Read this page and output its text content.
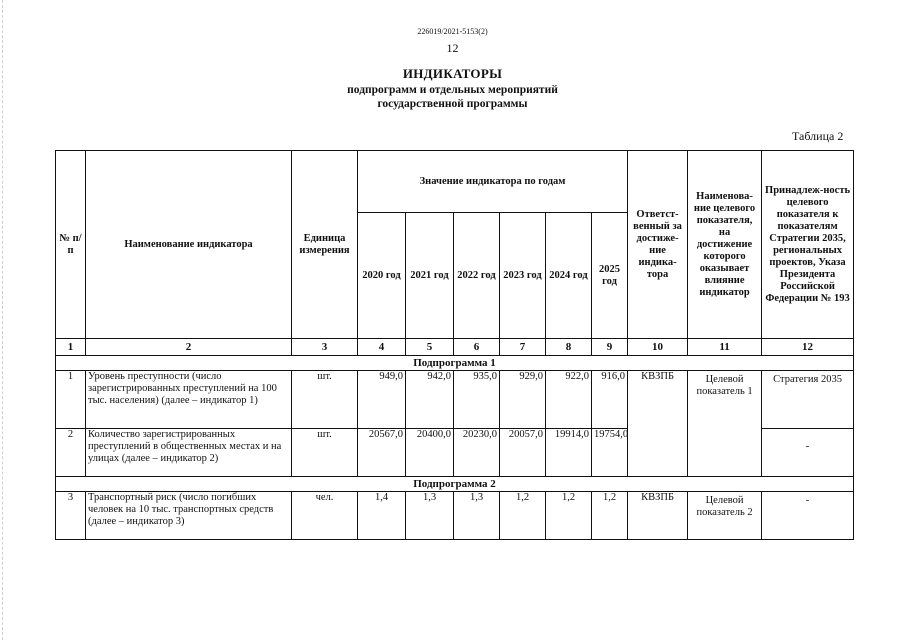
226019/2021-5153(2)
12
ИНДИКАТОРЫ
подпрограмм и отдельных мероприятий
государственной программы
Таблица 2
№ п/п	Наименование индикатора	Единица измерения	Значение индикатора по годам						Ответст-венный за достиже-ние индика-тора	Наименова-ние целевого показателя, на достижение которого оказывает влияние индикатор	Принадлеж-ность целевого показателя к показателям Стратегии 2035, региональных проектов, Указа Президента Российской Федерации № 193
			2020 год	2021 год	2022 год	2023 год	2024 год	2025 год			
1	2	3	4	5	6	7	8	9	10	11	12
Подпрограмма 1											
1	Уровень преступности (число зарегистрированных преступлений на 100 тыс. населения) (далее – индикатор 1)	шт.	949,0	942,0	935,0	929,0	922,0	916,0	КВЗПБ	Целевой показатель 1	Стратегия 2035
2	Количество зарегистрированных преступлений в общественных местах и на улицах (далее – индикатор 2)	шт.	20567,0	20400,0	20230,0	20057,0	19914,0	19754,0			-
Подпрограмма 2											
3	Транспортный риск (число погибших человек на 10 тыс. транспортных средств (далее – индикатор 3)	чел.	1,4	1,3	1,3	1,2	1,2	1,2	КВЗПБ	Целевой показатель 2	-
